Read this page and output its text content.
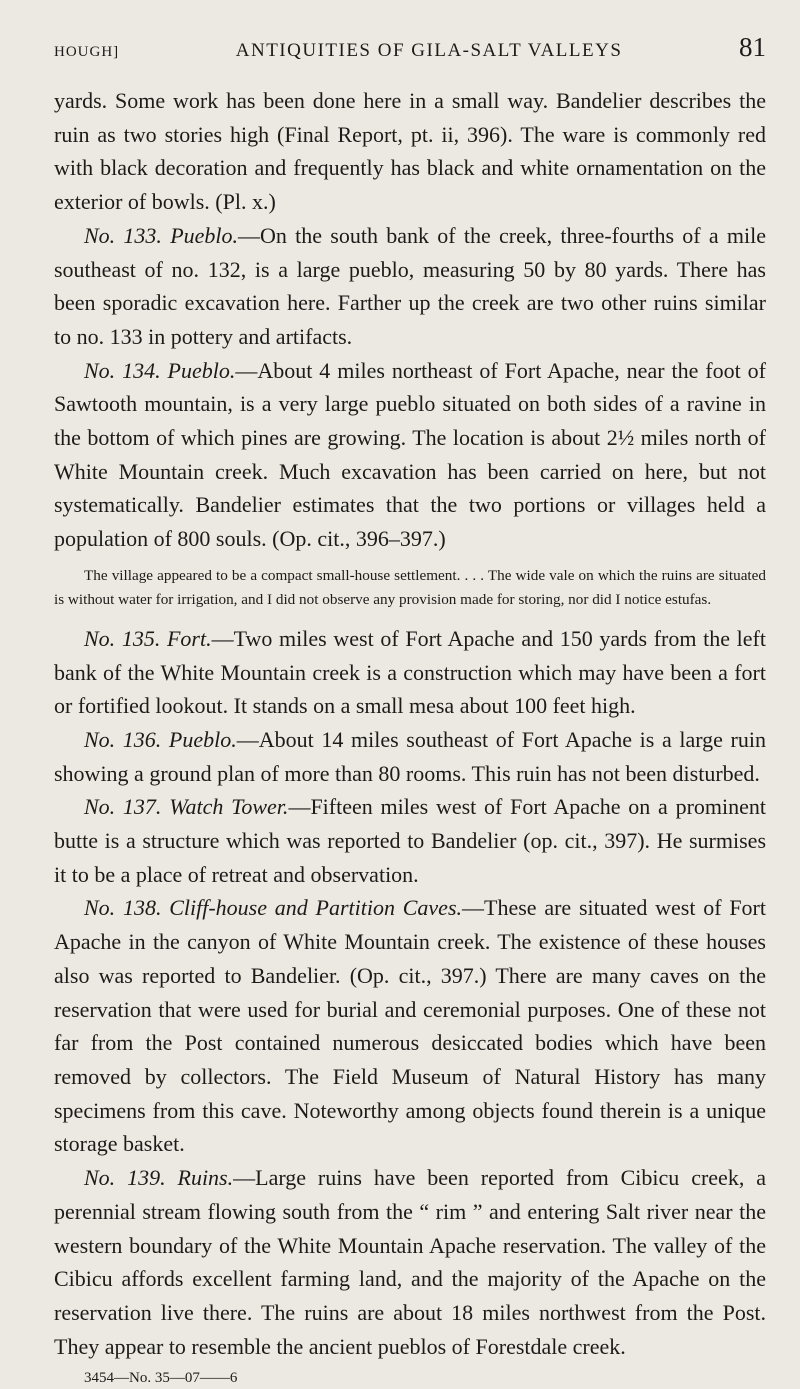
HOUGH]	ANTIQUITIES OF GILA-SALT VALLEYS	81

yards. Some work has been done here in a small way. Bandelier describes the ruin as two stories high (Final Report, pt. ii, 396). The ware is commonly red with black decoration and frequently has black and white ornamentation on the exterior of bowls. (Pl. x.)

No. 133. Pueblo.—On the south bank of the creek, three-fourths of a mile southeast of no. 132, is a large pueblo, measuring 50 by 80 yards. There has been sporadic excavation here. Farther up the creek are two other ruins similar to no. 133 in pottery and artifacts.

No. 134. Pueblo.—About 4 miles northeast of Fort Apache, near the foot of Sawtooth mountain, is a very large pueblo situated on both sides of a ravine in the bottom of which pines are growing. The location is about 2½ miles north of White Mountain creek. Much excavation has been carried on here, but not systematically. Bandelier estimates that the two portions or villages held a population of 800 souls. (Op. cit., 396–397.)

The village appeared to be a compact small-house settlement. . . . The wide vale on which the ruins are situated is without water for irrigation, and I did not observe any provision made for storing, nor did I notice estufas.

No. 135. Fort.—Two miles west of Fort Apache and 150 yards from the left bank of the White Mountain creek is a construction which may have been a fort or fortified lookout. It stands on a small mesa about 100 feet high.

No. 136. Pueblo.—About 14 miles southeast of Fort Apache is a large ruin showing a ground plan of more than 80 rooms. This ruin has not been disturbed.

No. 137. Watch Tower.—Fifteen miles west of Fort Apache on a prominent butte is a structure which was reported to Bandelier (op. cit., 397). He surmises it to be a place of retreat and observation.

No. 138. Cliff-house and Partition Caves.—These are situated west of Fort Apache in the canyon of White Mountain creek. The existence of these houses also was reported to Bandelier. (Op. cit., 397.) There are many caves on the reservation that were used for burial and ceremonial purposes. One of these not far from the Post contained numerous desiccated bodies which have been removed by collectors. The Field Museum of Natural History has many specimens from this cave. Noteworthy among objects found therein is a unique storage basket.

No. 139. Ruins.—Large ruins have been reported from Cibicu creek, a perennial stream flowing south from the “ rim ” and entering Salt river near the western boundary of the White Mountain Apache reservation. The valley of the Cibicu affords excellent farming land, and the majority of the Apache on the reservation live there. The ruins are about 18 miles northwest from the Post. They appear to resemble the ancient pueblos of Forestdale creek.

3454—No. 35—07——6
